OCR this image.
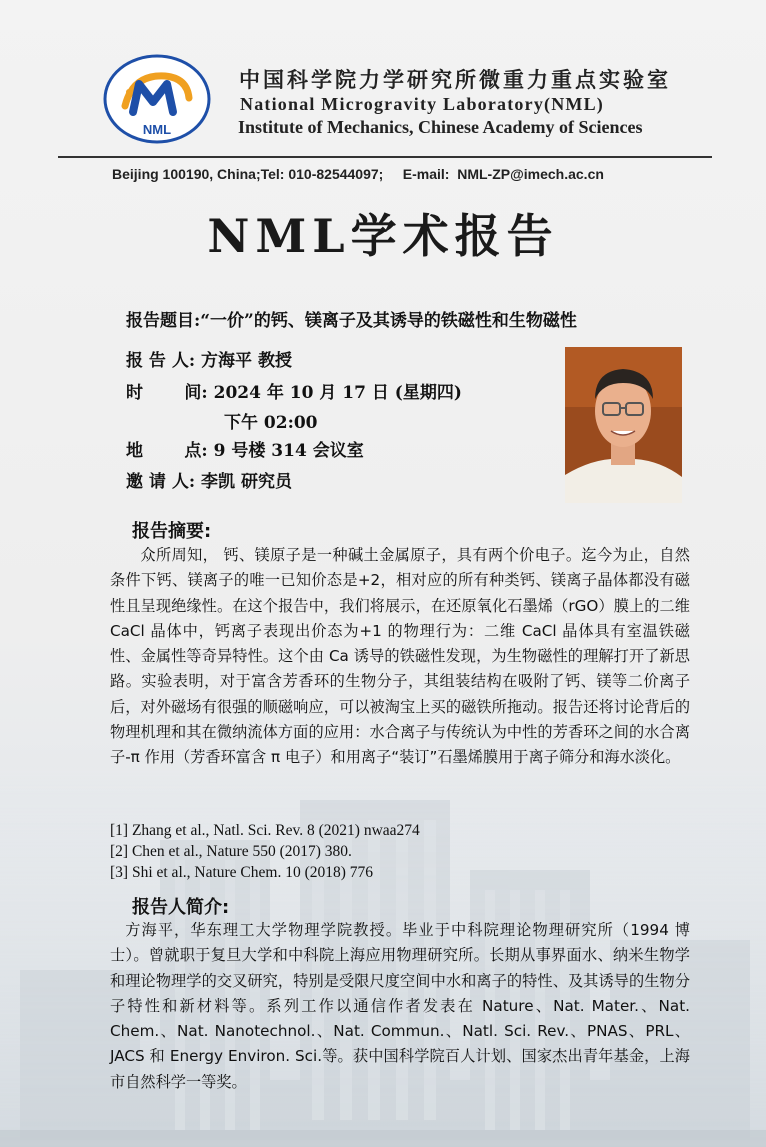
NML
中国科学院力学研究所微重力重点实验室
National Microgravity Laboratory(NML)
Institute of Mechanics, Chinese Academy of Sciences
Beijing 100190, China;Tel: 010-82544097;     E-mail:  NML-ZP@imech.ac.cn
NML学术报告
报告题目:“一价”的钙、镁离子及其诱导的铁磁性和生物磁性
报 告 人: 方海平 教授
时       间: 2024 年 10 月 17 日 (星期四)
下午 02:00
地       点: 9 号楼 314 会议室
邀 请 人: 李凯 研究员
报告摘要:

众所周知， 钙、镁原子是一种碱土金属原子，具有两个价电子。迄今为止，自然条件下钙、镁离子的唯一已知价态是+2，相对应的所有种类钙、镁离子晶体都没有磁性且呈现绝缘性。在这个报告中，我们将展示，在还原氧化石墨烯（rGO）膜上的二维 CaCl 晶体中，钙离子表现出价态为+1 的物理行为：二维 CaCl 晶体具有室温铁磁性、金属性等奇异特性。这个由 Ca 诱导的铁磁性发现，为生物磁性的理解打开了新思路。实验表明，对于富含芳香环的生物分子，其组装结构在吸附了钙、镁等二价离子后，对外磁场有很强的顺磁响应，可以被淘宝上买的磁铁所拖动。报告还将讨论背后的物理机理和其在微纳流体方面的应用：水合离子与传统认为中性的芳香环之间的水合离子-π 作用（芳香环富含 π 电子）和用离子“装订”石墨烯膜用于离子筛分和海水淡化。

[1] Zhang et al., Natl. Sci. Rev. 8 (2021) nwaa274
[2] Chen et al., Nature 550 (2017) 380.
[3] Shi et al., Nature Chem. 10 (2018) 776
报告人简介:

方海平，华东理工大学物理学院教授。毕业于中科院理论物理研究所（1994 博士）。曾就职于复旦大学和中科院上海应用物理研究所。长期从事界面水、纳米生物学和理论物理学的交叉研究，特别是受限尺度空间中水和离子的特性、及其诱导的生物分子特性和新材料等。系列工作以通信作者发表在 Nature、Nat. Mater.、Nat. Chem.、Nat. Nanotechnol.、Nat. Commun.、Natl. Sci. Rev.、PNAS、PRL、JACS 和 Energy Environ. Sci.等。获中国科学院百人计划、国家杰出青年基金，上海市自然科学一等奖。
